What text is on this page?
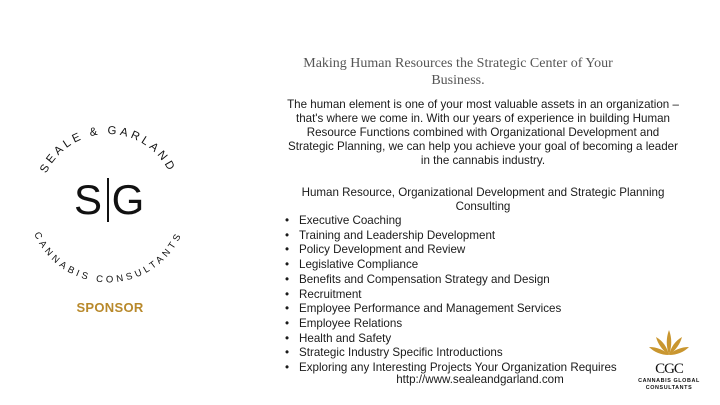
SEALE & GARLAND
CANNABIS CONSULTANTS
S G
SPONSOR
Making Human Resources the Strategic Center of Your Business.
The human element is one of your most valuable assets in an organization – that's where we come in. With our years of experience in building Human Resource Functions combined with Organizational Development and Strategic Planning, we can help you achieve your goal of becoming a leader in the cannabis industry.
Human Resource, Organizational Development and Strategic Planning Consulting
• Executive Coaching
• Training and Leadership Development
• Policy Development and Review
• Legislative Compliance
• Benefits and Compensation Strategy and Design
• Recruitment
• Employee Performance and Management Services
• Employee Relations
• Health and Safety
• Strategic Industry Specific Introductions
• Exploring any Interesting Projects Your Organization Requires
http://www.sealeandgarland.com
CGC
CANNABIS GLOBAL
CONSULTANTS
